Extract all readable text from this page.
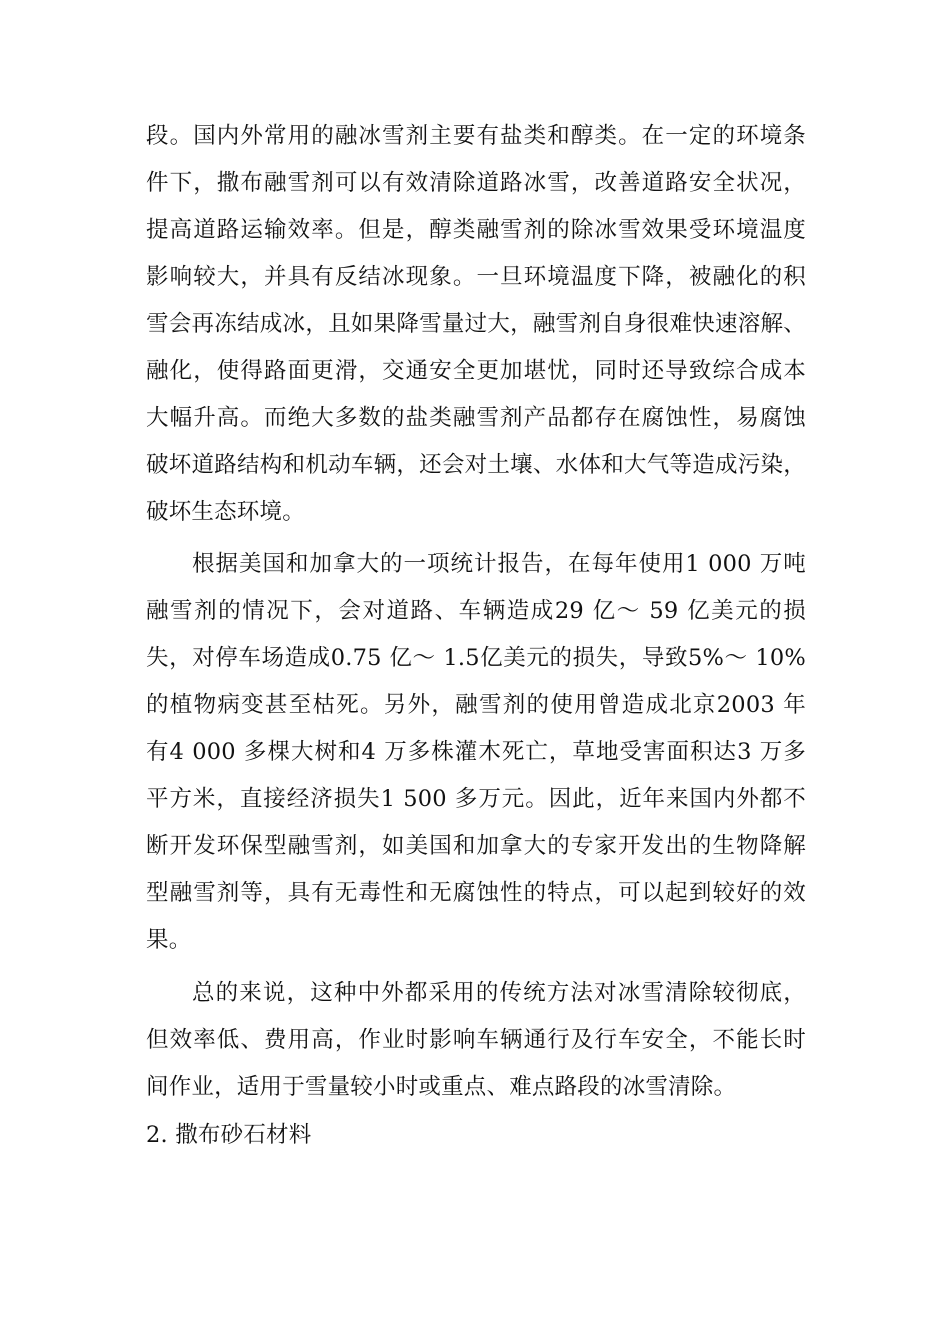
段。国内外常用的融冰雪剂主要有盐类和醇类。在一定的环境条
件下，撒布融雪剂可以有效清除道路冰雪，改善道路安全状况，
提高道路运输效率。但是，醇类融雪剂的除冰雪效果受环境温度
影响较大，并具有反结冰现象。一旦环境温度下降，被融化的积
雪会再冻结成冰，且如果降雪量过大，融雪剂自身很难快速溶解、
融化，使得路面更滑，交通安全更加堪忧，同时还导致综合成本
大幅升高。而绝大多数的盐类融雪剂产品都存在腐蚀性，易腐蚀
破坏道路结构和机动车辆，还会对土壤、水体和大气等造成污染，
破坏生态环境。
根据美国和加拿大的一项统计报告，在每年使用1 000 万吨
融雪剂的情况下，会对道路、车辆造成29 亿～ 59 亿美元的损
失，对停车场造成0.75 亿～ 1.5亿美元的损失，导致5%～ 10%
的植物病变甚至枯死。另外，融雪剂的使用曾造成北京2003 年
有4 000 多棵大树和4 万多株灌木死亡，草地受害面积达3 万多
平方米，直接经济损失1 500 多万元。因此，近年来国内外都不
断开发环保型融雪剂，如美国和加拿大的专家开发出的生物降解
型融雪剂等，具有无毒性和无腐蚀性的特点，可以起到较好的效
果。
总的来说，这种中外都采用的传统方法对冰雪清除较彻底，
但效率低、费用高，作业时影响车辆通行及行车安全，不能长时
间作业，适用于雪量较小时或重点、难点路段的冰雪清除。
2. 撒布砂石材料
